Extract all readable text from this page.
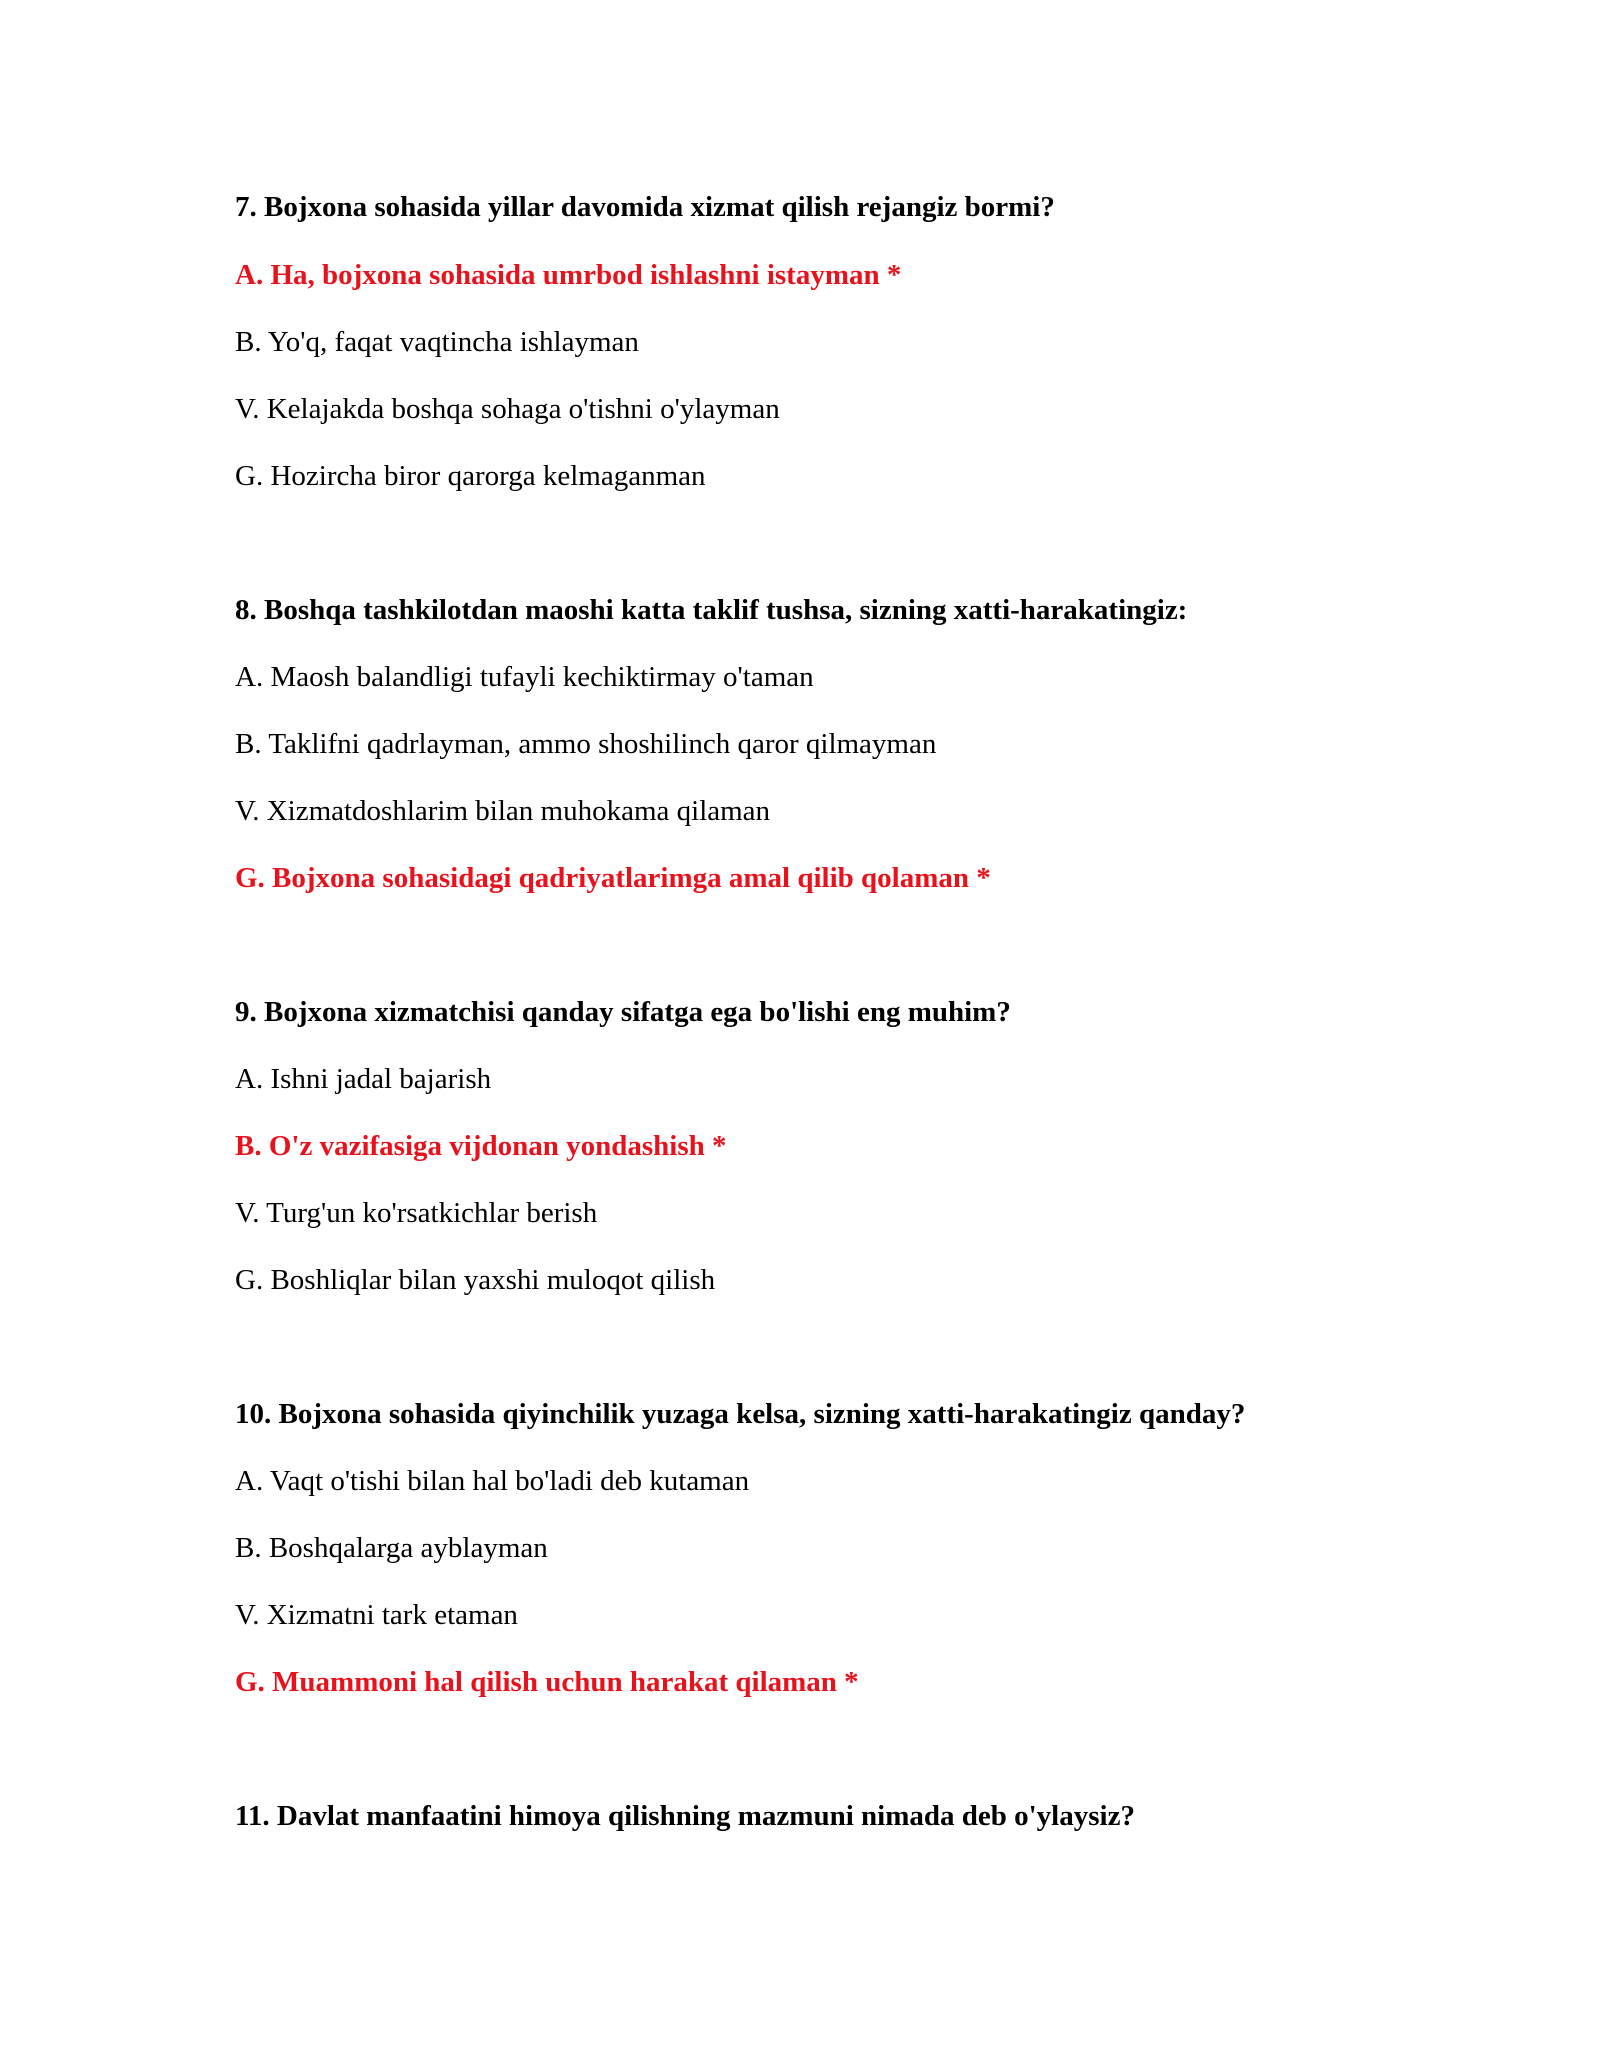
7. Bojxona sohasida yillar davomida xizmat qilish rejangiz bormi?
A. Ha, bojxona sohasida umrbod ishlashni istayman *
B. Yo'q, faqat vaqtincha ishlayman
V. Kelajakda boshqa sohaga o'tishni o'ylayman
G. Hozircha biror qarorga kelmaganman
8. Boshqa tashkilotdan maoshi katta taklif tushsa, sizning xatti-harakatingiz:
A. Maosh balandligi tufayli kechiktirmay o'taman
B. Taklifni qadrlayman, ammo shoshilinch qaror qilmayman
V. Xizmatdoshlarim bilan muhokama qilaman
G. Bojxona sohasidagi qadriyatlarimga amal qilib qolaman *
9. Bojxona xizmatchisi qanday sifatga ega bo'lishi eng muhim?
A. Ishni jadal bajarish
B. O'z vazifasiga vijdonan yondashish *
V. Turg'un ko'rsatkichlar berish
G. Boshliqlar bilan yaxshi muloqot qilish
10. Bojxona sohasida qiyinchilik yuzaga kelsa, sizning xatti-harakatingiz qanday?
A. Vaqt o'tishi bilan hal bo'ladi deb kutaman
B. Boshqalarga ayblayman
V. Xizmatni tark etaman
G. Muammoni hal qilish uchun harakat qilaman *
11. Davlat manfaatini himoya qilishning mazmuni nimada deb o'ylaysiz?
